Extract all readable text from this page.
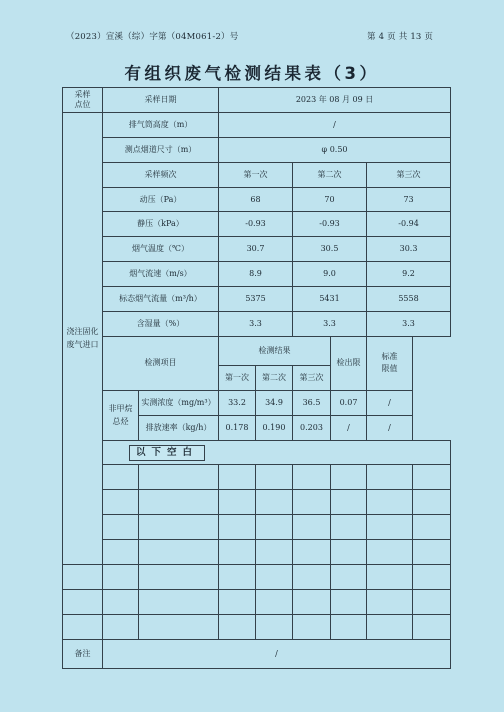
（2023）宣溪（综）字第（04M061-2）号	第 4 页 共 13 页
有组织废气检测结果表（3）
采样
点位	采样日期		2023 年 08 月 09 日						
浇注固化废气进口	排气筒高度（m）		/						
	测点烟道尺寸（m）		φ 0.50						
	采样频次		第一次		第二次		第三次		
	动压（Pa）		68		70		73		
	静压（kPa）		-0.93		-0.93		-0.94		
	烟气温度（℃）		30.7		30.5		30.3		
	烟气流速（m/s）		8.9		9.0		9.2		
	标态烟气流量（m³/h）		5375		5431		5558		
	含湿量（%）		3.3		3.3		3.3		
	检测项目		检测结果			检出限	标准
限值		
			第一次	第二次	第三次				
	非甲烷
总烃	实测浓度（mg/m³）	33.2	34.9	36.5	0.07	/		
		排放速率（kg/h）	0.178	0.190	0.203	/	/		
	以下空白								

备注	/								
